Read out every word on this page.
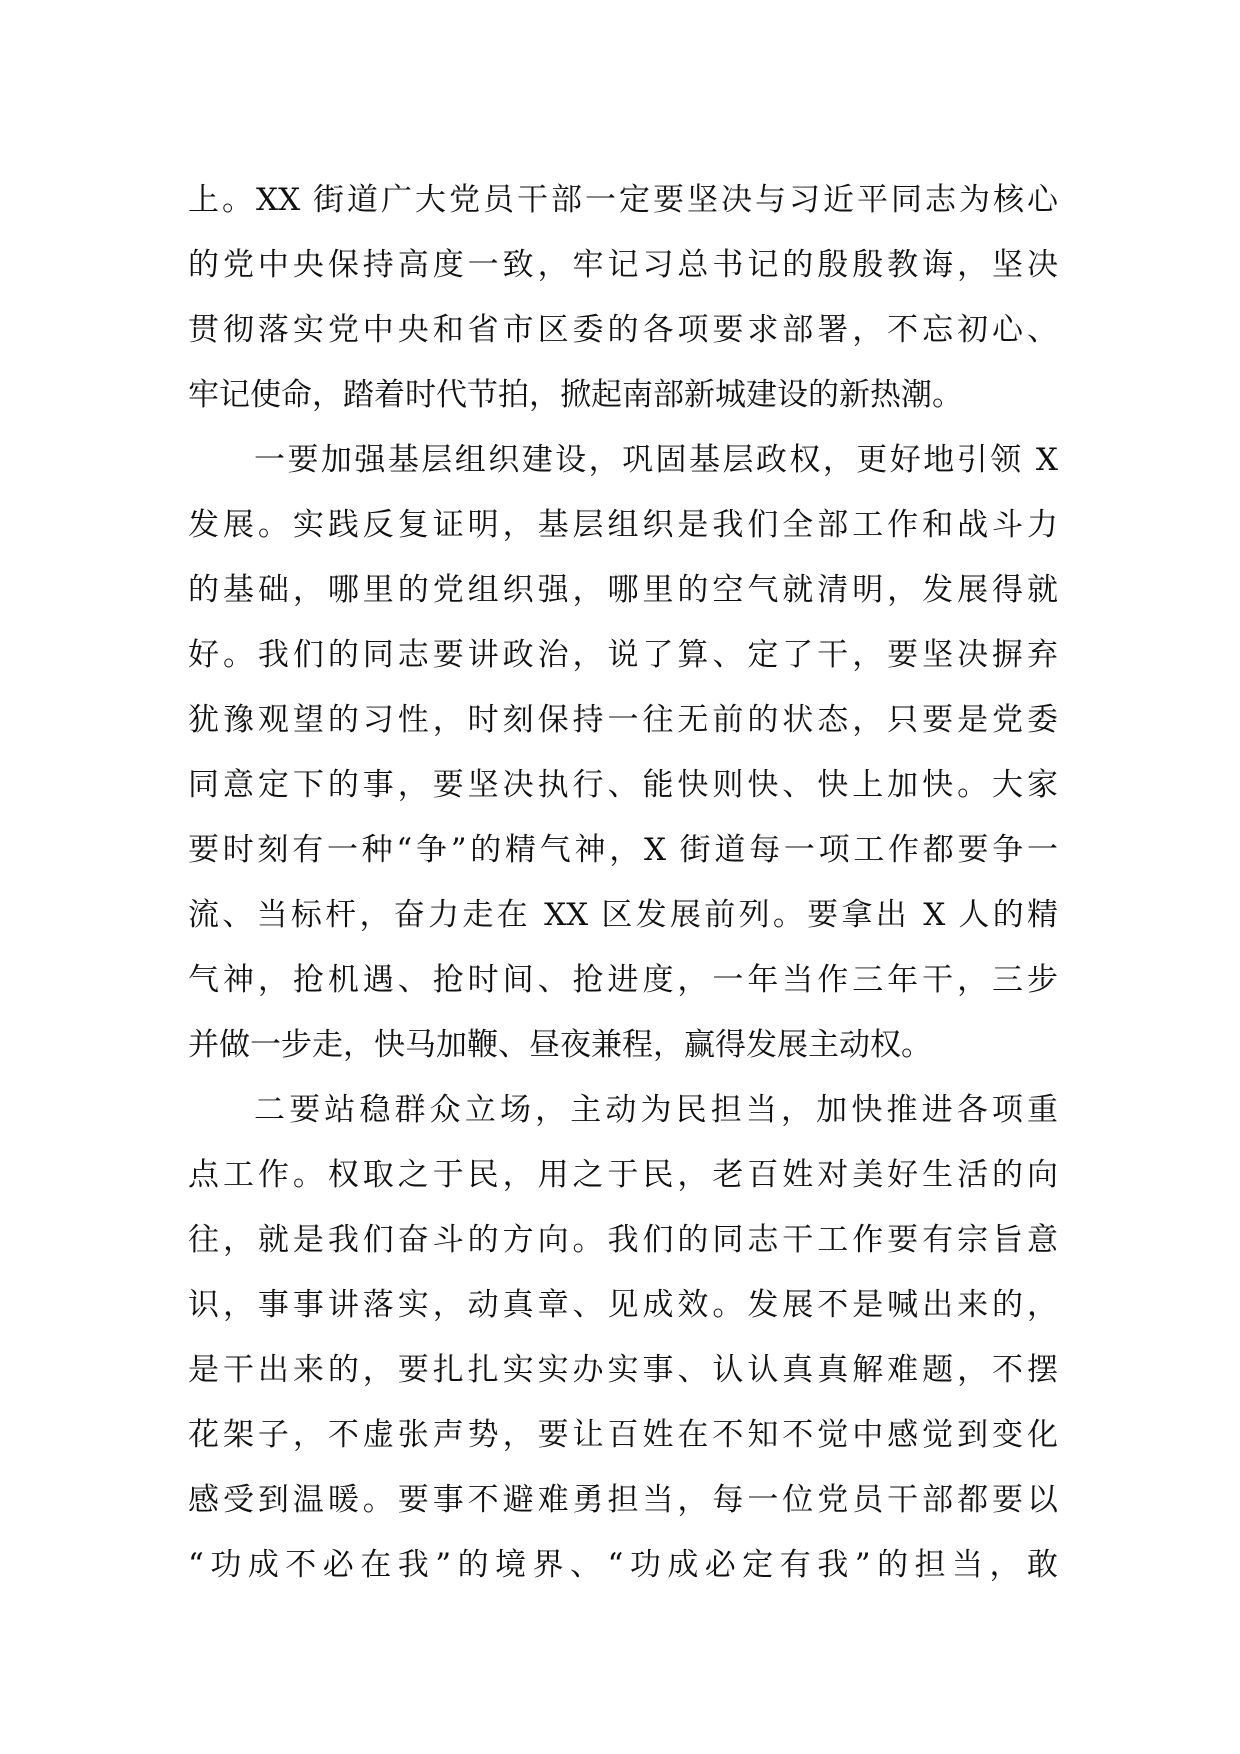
上。XX 街道广大党员干部一定要坚决与习近平同志为核心
的党中央保持高度一致，牢记习总书记的殷殷教诲，坚决
贯彻落实党中央和省市区委的各项要求部署，不忘初心、
牢记使命，踏着时代节拍，掀起南部新城建设的新热潮。
一要加强基层组织建设，巩固基层政权，更好地引领 X
发展。实践反复证明，基层组织是我们全部工作和战斗力
的基础，哪里的党组织强，哪里的空气就清明，发展得就
好。我们的同志要讲政治，说了算、定了干，要坚决摒弃
犹豫观望的习性，时刻保持一往无前的状态，只要是党委
同意定下的事，要坚决执行、能快则快、快上加快。大家
要时刻有一种“争”的精气神，X 街道每一项工作都要争一
流、当标杆，奋力走在 XX 区发展前列。要拿出 X 人的精
气神，抢机遇、抢时间、抢进度，一年当作三年干，三步
并做一步走，快马加鞭、昼夜兼程，赢得发展主动权。
二要站稳群众立场，主动为民担当，加快推进各项重
点工作。权取之于民，用之于民，老百姓对美好生活的向
往，就是我们奋斗的方向。我们的同志干工作要有宗旨意
识，事事讲落实，动真章、见成效。发展不是喊出来的，
是干出来的，要扎扎实实办实事、认认真真解难题，不摆
花架子，不虚张声势，要让百姓在不知不觉中感觉到变化
感受到温暖。要事不避难勇担当，每一位党员干部都要以
“功成不必在我”的境界、“功成必定有我”的担当，敢
